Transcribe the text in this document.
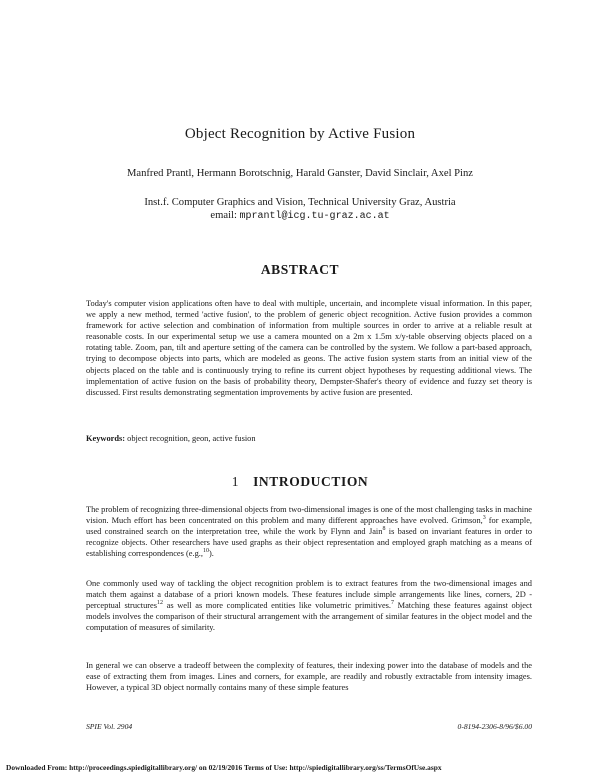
Object Recognition by Active Fusion
Manfred Prantl, Hermann Borotschnig, Harald Ganster, David Sinclair, Axel Pinz
Inst.f. Computer Graphics and Vision, Technical University Graz, Austria
email: mprantl@icg.tu-graz.ac.at
ABSTRACT

Today's computer vision applications often have to deal with multiple, uncertain, and incomplete visual information. In this paper, we apply a new method, termed 'active fusion', to the problem of generic object recognition. Active fusion provides a common framework for active selection and combination of information from multiple sources in order to arrive at a reliable result at reasonable costs. In our experimental setup we use a camera mounted on a 2m x 1.5m x/y-table observing objects placed on a rotating table. Zoom, pan, tilt and aperture setting of the camera can be controlled by the system. We follow a part-based approach, trying to decompose objects into parts, which are modeled as geons. The active fusion system starts from an initial view of the objects placed on the table and is continuously trying to refine its current object hypotheses by requesting additional views. The implementation of active fusion on the basis of probability theory, Dempster-Shafer's theory of evidence and fuzzy set theory is discussed. First results demonstrating segmentation improvements by active fusion are presented.

Keywords: object recognition, geon, active fusion

1 INTRODUCTION

The problem of recognizing three-dimensional objects from two-dimensional images is one of the most challenging tasks in machine vision. Much effort has been concentrated on this problem and many different approaches have evolved. Grimson,$^3$ for example, used constrained search on the interpretation tree, while the work by Flynn and Jain$^8$ is based on invariant features in order to recognize objects. Other researchers have used graphs as their object representation and employed graph matching as a means of establishing correspondences (e.g.,$^{10}$).

One commonly used way of tackling the object recognition problem is to extract features from the two-dimensional images and match them against a database of a priori known models. These features include simple arrangements like lines, corners, 2D - perceptual structures$^{12}$ as well as more complicated entities like volumetric primitives.$^7$ Matching these features against object models involves the comparison of their structural arrangement with the arrangement of similar features in the object model and the computation of measures of similarity.

In general we can observe a tradeoff between the complexity of features, their indexing power into the database of models and the ease of extracting them from images. Lines and corners, for example, are readily and robustly extractable from intensity images. However, a typical 3D object normally contains many of these simple features

SPIE Vol. 2904	0-8194-2306-8/96/$6.00
Downloaded From: http://proceedings.spiedigitallibrary.org/ on 02/19/2016 Terms of Use: http://spiedigitallibrary.org/ss/TermsOfUse.aspx
